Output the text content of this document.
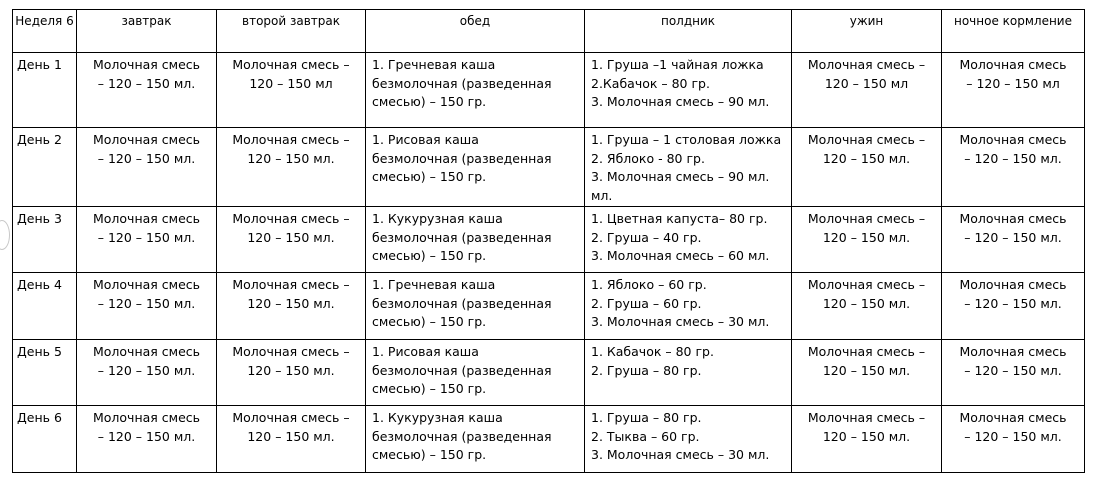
Неделя 6	завтрак	второй завтрак	обед	полдник	ужин	ночное кормление

День 1	Молочная смесь
– 120 – 150 мл.	Молочная смесь –
120 – 150 мл	1. Гречневая каша
безмолочная (разведенная
смесью) – 150 гр.	1. Груша –1 чайная ложка
2.Кабачок – 80 гр.
3. Молочная смесь – 90 мл.	Молочная смесь –
120 – 150 мл	Молочная смесь
– 120 – 150 мл

День 2	Молочная смесь
– 120 – 150 мл.	Молочная смесь –
120 – 150 мл.	1. Рисовая каша
безмолочная (разведенная
смесью) – 150 гр.	1. Груша – 1 столовая ложка
2. Яблоко - 80 гр.
3. Молочная смесь – 90 мл.
мл.	Молочная смесь –
120 – 150 мл.	Молочная смесь
– 120 – 150 мл.

День 3	Молочная смесь
– 120 – 150 мл.	Молочная смесь –
120 – 150 мл.	1. Кукурузная каша
безмолочная (разведенная
смесью) – 150 гр.	1. Цветная капуста– 80 гр.
2. Груша – 40 гр.
3. Молочная смесь – 60 мл.	Молочная смесь –
120 – 150 мл.	Молочная смесь
– 120 – 150 мл.

День 4	Молочная смесь
– 120 – 150 мл.	Молочная смесь –
120 – 150 мл.	1. Гречневая каша
безмолочная (разведенная
смесью) – 150 гр.	1. Яблоко – 60 гр.
2. Груша – 60 гр.
3. Молочная смесь – 30 мл.	Молочная смесь –
120 – 150 мл.	Молочная смесь
– 120 – 150 мл.

День 5	Молочная смесь
– 120 – 150 мл.	Молочная смесь –
120 – 150 мл.	1. Рисовая каша
безмолочная (разведенная
смесью) – 150 гр.	1. Кабачок – 80 гр.
2. Груша – 80 гр.	Молочная смесь –
120 – 150 мл.	Молочная смесь
– 120 – 150 мл.

День 6	Молочная смесь
– 120 – 150 мл.	Молочная смесь –
120 – 150 мл.	1. Кукурузная каша
безмолочная (разведенная
смесью) – 150 гр.	1. Груша – 80 гр.
2. Тыква – 60 гр.
3. Молочная смесь – 30 мл.	Молочная смесь –
120 – 150 мл.	Молочная смесь
– 120 – 150 мл.
